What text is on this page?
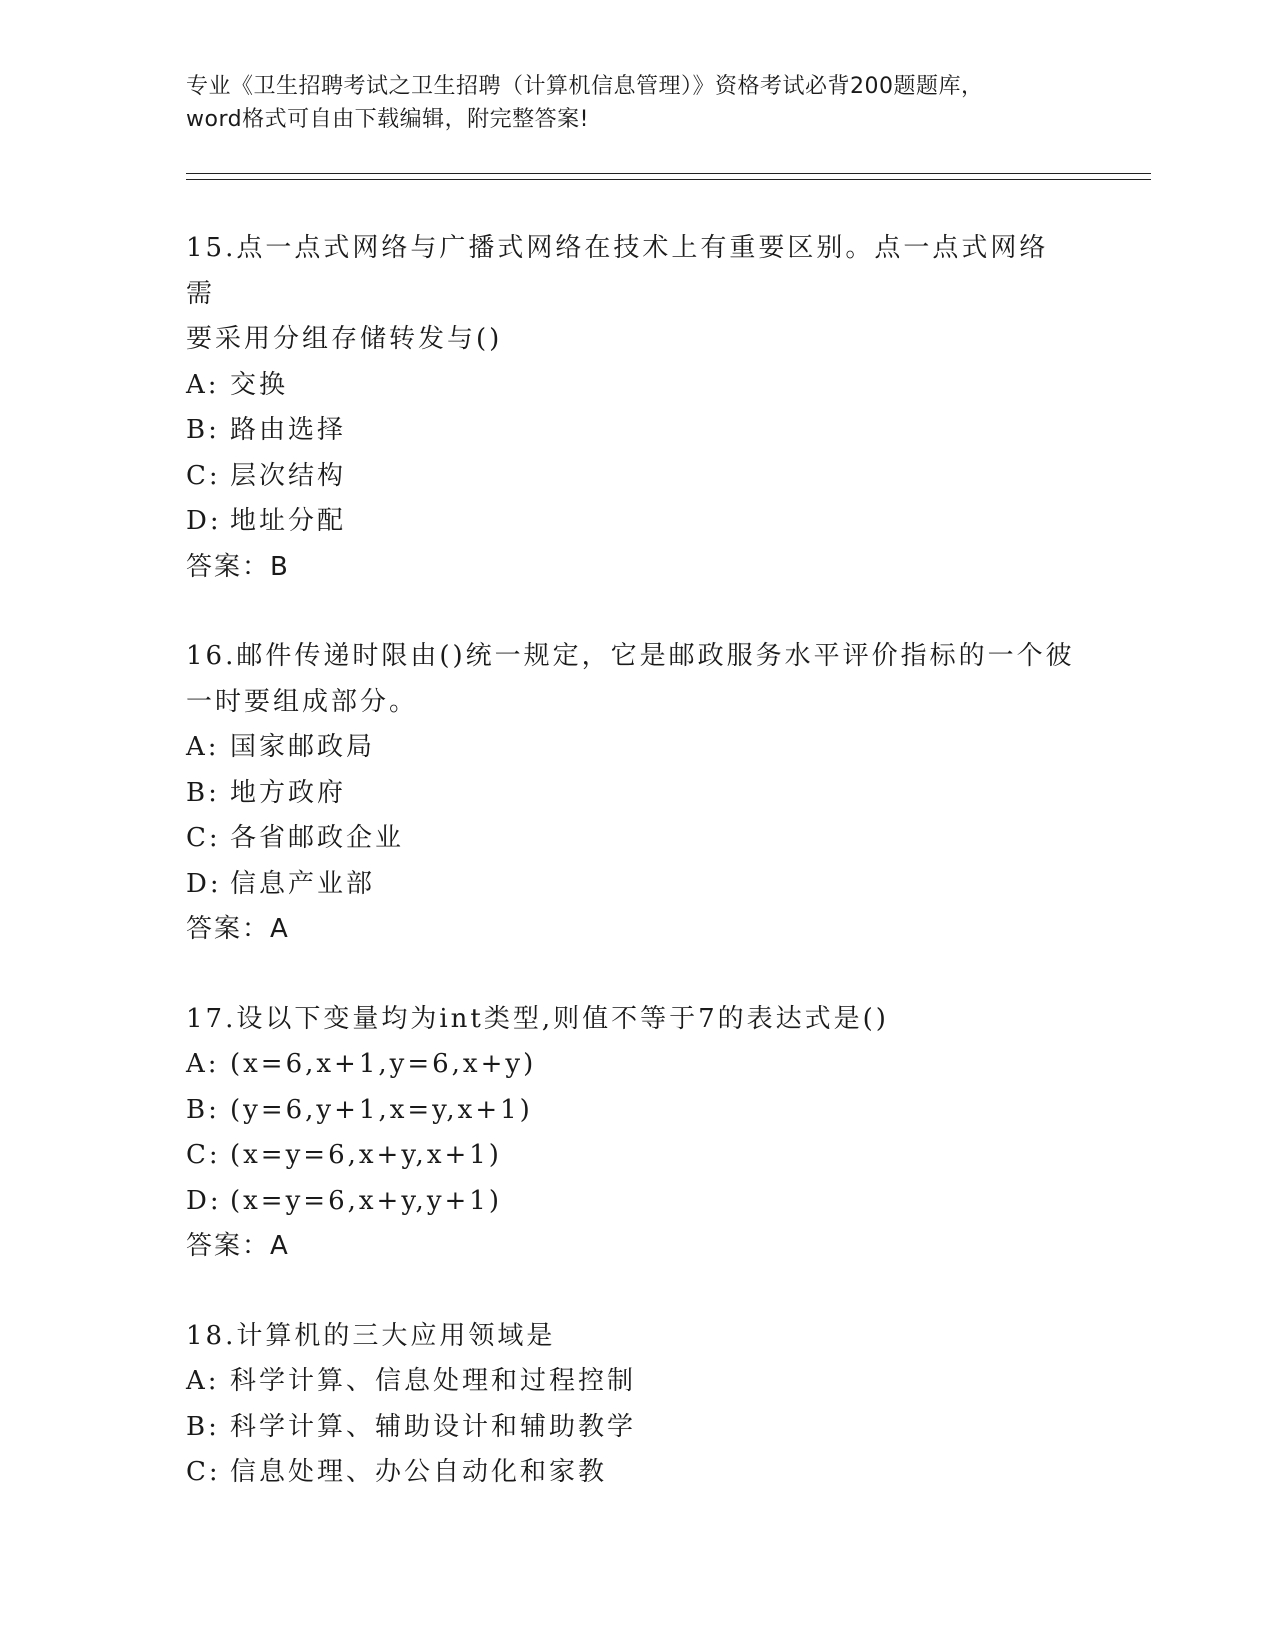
专业《卫生招聘考试之卫生招聘（计算机信息管理）》资格考试必背200题题库，

word格式可自由下载编辑，附完整答案!

15.点一点式网络与广播式网络在技术上有重要区别。点一点式网络需

要采用分组存储转发与()

A: 交换

B: 路由选择

C: 层次结构

D: 地址分配

答案：B

16.邮件传递时限由()统一规定，它是邮政服务水平评价指标的一个彼

一时要组成部分。

A: 国家邮政局

B: 地方政府

C: 各省邮政企业

D: 信息产业部

答案：A

17.设以下变量均为int类型,则值不等于7的表达式是()

A: (x=6,x+1,y=6,x+y)

B: (y=6,y+1,x=y,x+1)

C: (x=y=6,x+y,x+1)

D: (x=y=6,x+y,y+1)

答案：A

18.计算机的三大应用领域是

A: 科学计算、信息处理和过程控制

B: 科学计算、辅助设计和辅助教学

C: 信息处理、办公自动化和家教
